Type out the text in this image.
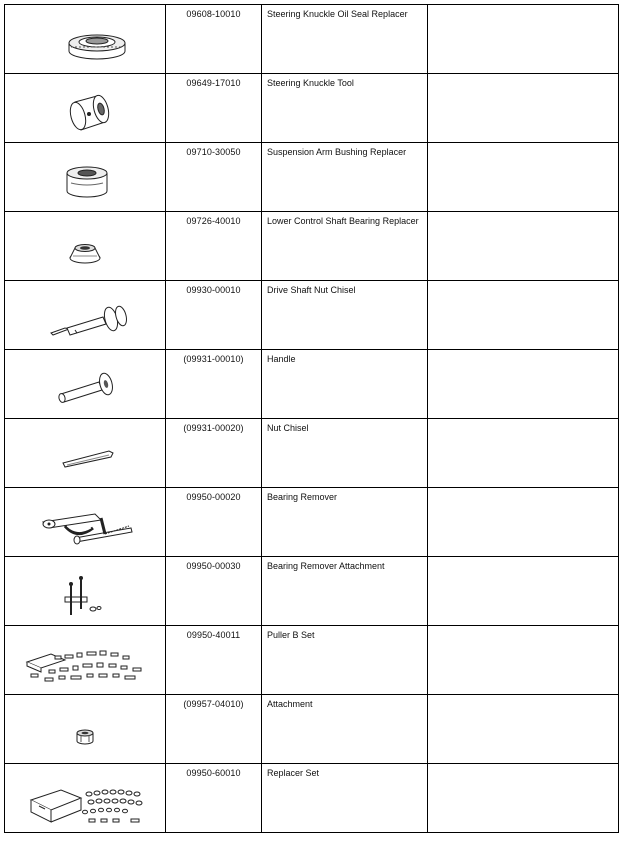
09608-10010	Steering Knuckle Oil Seal Replacer	

09649-17010	Steering Knuckle Tool	

09710-30050	Suspension Arm Bushing Replacer	

09726-40010	Lower Control Shaft Bearing Replacer	

09930-00010	Drive Shaft Nut Chisel	

(09931-00010)	Handle	

(09931-00020)	Nut Chisel	

09950-00020	Bearing Remover	

09950-00030	Bearing Remover Attachment	

09950-40011	Puller B Set	

(09957-04010)	Attachment	

09950-60010	Replacer Set	
